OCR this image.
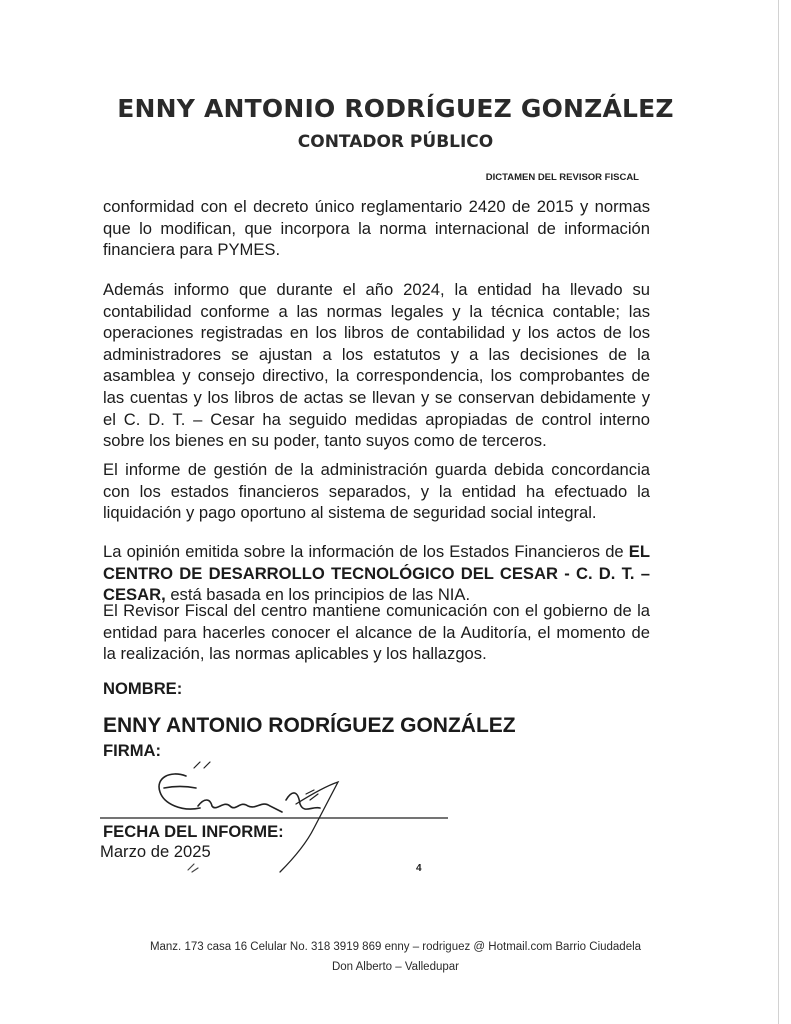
ENNY ANTONIO RODRÍGUEZ GONZÁLEZ
CONTADOR PÚBLICO
DICTAMEN DEL REVISOR FISCAL

conformidad con el decreto único reglamentario 2420 de 2015 y normas que lo modifican, que incorpora la norma internacional de información financiera para PYMES.

Además informo que durante el año 2024, la entidad ha llevado su contabilidad conforme a las normas legales y la técnica contable; las operaciones registradas en los libros de contabilidad y los actos de los administradores se ajustan a los estatutos y a las decisiones de la asamblea y consejo directivo, la correspondencia, los comprobantes de las cuentas y los libros de actas se llevan y se conservan debidamente y el C. D. T. – Cesar ha seguido medidas apropiadas de control interno sobre los bienes en su poder, tanto suyos como de terceros.

El informe de gestión de la administración guarda debida concordancia con los estados financieros separados, y la entidad ha efectuado la liquidación y pago oportuno al sistema de seguridad social integral.

La opinión emitida sobre la información de los Estados Financieros de EL CENTRO DE DESARROLLO TECNOLÓGICO DEL CESAR - C. D. T. – CESAR, está basada en los principios de las NIA.

El Revisor Fiscal del centro mantiene comunicación con el gobierno de la entidad para hacerles conocer el alcance de la Auditoría, el momento de la realización, las normas aplicables y los hallazgos.

NOMBRE:
ENNY ANTONIO RODRÍGUEZ GONZÁLEZ
FIRMA:
FECHA DEL INFORME:
Marzo de 2025
4
Manz. 173 casa 16 Celular No. 318 3919 869 enny – rodriguez @ Hotmail.com Barrio Ciudadela
Don Alberto – Valledupar
